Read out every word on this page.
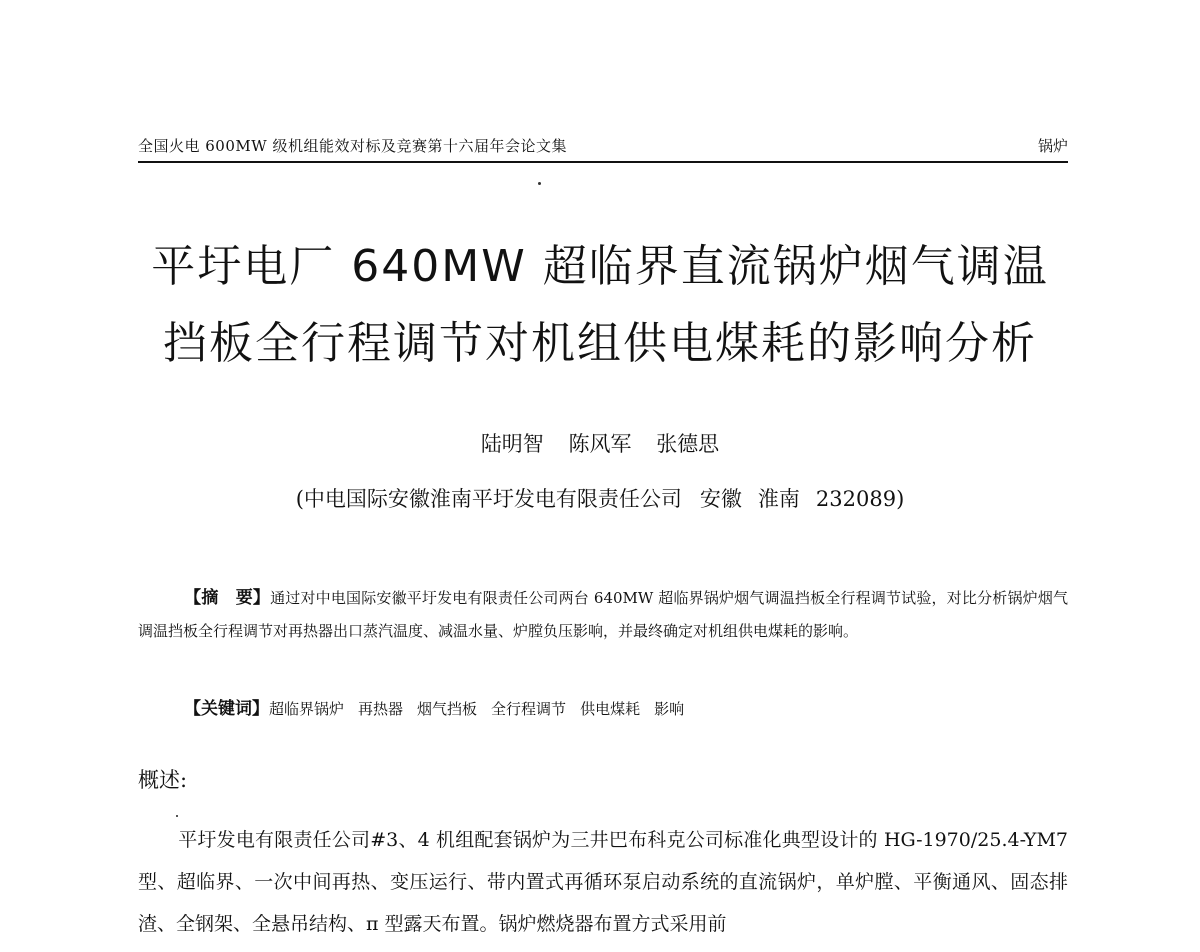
全国火电 600MW 级机组能效对标及竞赛第十六届年会论文集	锅炉
平圩电厂 640MW 超临界直流锅炉烟气调温
挡板全行程调节对机组供电煤耗的影响分析
陆明智 陈风军 张德思
(中电国际安徽淮南平圩发电有限责任公司 安徽 淮南 232089)
【摘　要】通过对中电国际安徽平圩发电有限责任公司两台 640MW 超临界锅炉烟气调温挡板全行程调节试验，对比分析锅炉烟气调温挡板全行程调节对再热器出口蒸汽温度、减温水量、炉膛负压影响，并最终确定对机组供电煤耗的影响。
【关键词】超临界锅炉 再热器 烟气挡板 全行程调节 供电煤耗 影响
概述:
平圩发电有限责任公司#3、4 机组配套锅炉为三井巴布科克公司标准化典型设计的 HG-1970/25.4-YM7 型、超临界、一次中间再热、变压运行、带内置式再循环泵启动系统的直流锅炉，单炉膛、平衡通风、固态排渣、全钢架、全悬吊结构、π 型露天布置。锅炉燃烧器布置方式采用前
